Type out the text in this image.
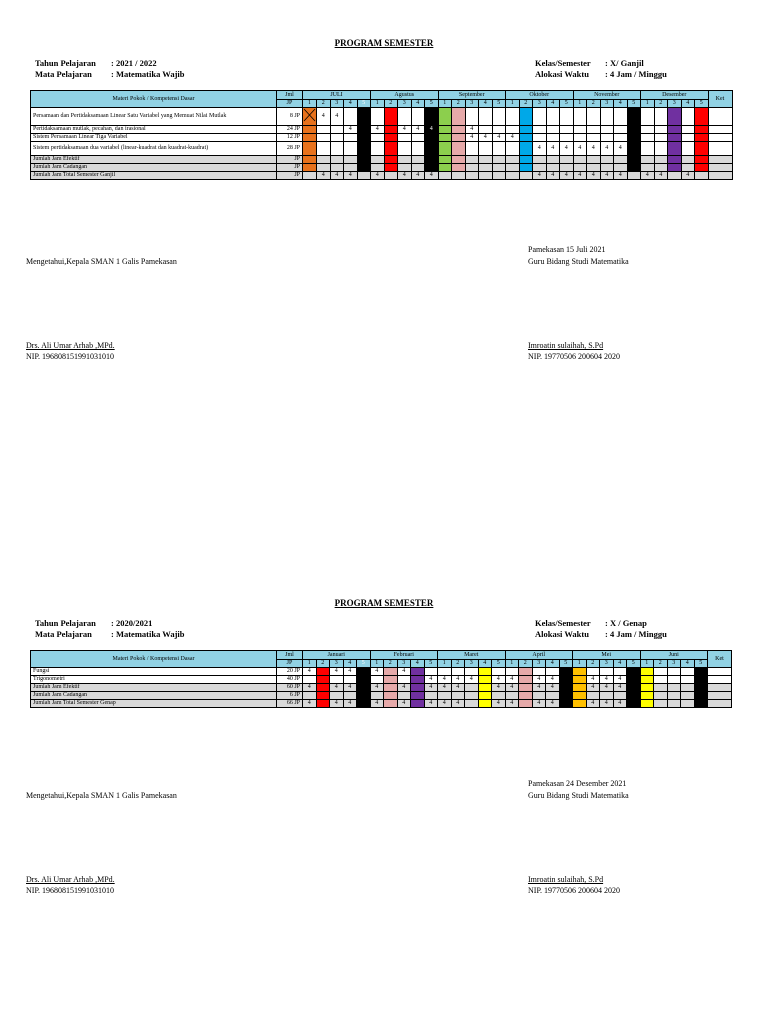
PROGRAM SEMESTER
Tahun Pelajaran : 2021 / 2022
Mata Pelajaran : Matematika Wajib
Kelas/Semester : X/ Ganjil
Alokasi Waktu : 4 Jam / Minggu
Materi Pokok / Kompetensi Dasar	Jml	JULI					Agustus					September					Oktober					November					Desember					Ket
	JP	1	2	3	4	5	1	2	3	4	5	1	2	3	4	5	1	2	3	4	5	1	2	3	4	5	1	2	3	4	5	
Persamaan dan Pertidaksamaan Linear Satu Variabel yang Memuat Nilai Mutlak	8 JP		4	4																												
Pertidaksamaan mutlak, pecahan, dan irasional	24 JP				4		4		4	4	4			4																		
Sistem Persamaan Linear Tiga Variabel	12 JP													4	4	4	4															
Sistem pertidaksamaan dua variabel (linear-kuadrat dan kuadrat-kuadrat)	28 JP																		4	4	4	4	4	4	4							
Jumlah Jam Efektif	JP																															
Jumlah Jam Cadangan	JP																															
Jumlah Jam Total Semester Ganjil	JP		4	4	4		4		4	4	4								4	4	4	4	4	4	4		4	4		4		
Pamekasan 15 Juli 2021
Mengetahui,Kepala SMAN 1 Galis Pamekasan	Guru Bidang Studi Matematika
Drs. Ali Umar Arhab ,MPd.
NIP. 196808151991031010
Imroatin sulaihah, S.Pd
NIP. 19770506 200604 2020
PROGRAM SEMESTER
Tahun Pelajaran : 2020/2021
Mata Pelajaran : Matematika Wajib
Kelas/Semester : X / Genap
Alokasi Waktu : 4 Jam / Minggu
Materi Pokok / Kompetensi Dasar	Jml	Januari					Februari					Maret					April					Mei					Juni					Ket
	JP	1	2	3	4	5	1	2	3	4	5	1	2	3	4	5	1	2	3	4	5	1	2	3	4	5	1	2	3	4	5	
Fungsi	20 JP	4		4	4		4		4																							
Trigonometri	40 JP										4	4	4	4		4	4		4	4			4	4	4							
Jumlah Jam Efektif	60 JP	4		4	4		4		4		4	4	4			4	4		4	4			4	4	4							
Jumlah Jam Cadangan	6 JP																															
Jumlah Jam Total Semester Genap	66 JP	4		4	4		4		4		4	4	4			4	4		4	4			4	4	4							
Pamekasan 24 Desember 2021
Mengetahui,Kepala SMAN 1 Galis Pamekasan	Guru Bidang Studi Matematika
Drs. Ali Umar Arhab ,MPd.
NIP. 196808151991031010
Imroatin sulaihah, S.Pd
NIP. 19770506 200604 2020
